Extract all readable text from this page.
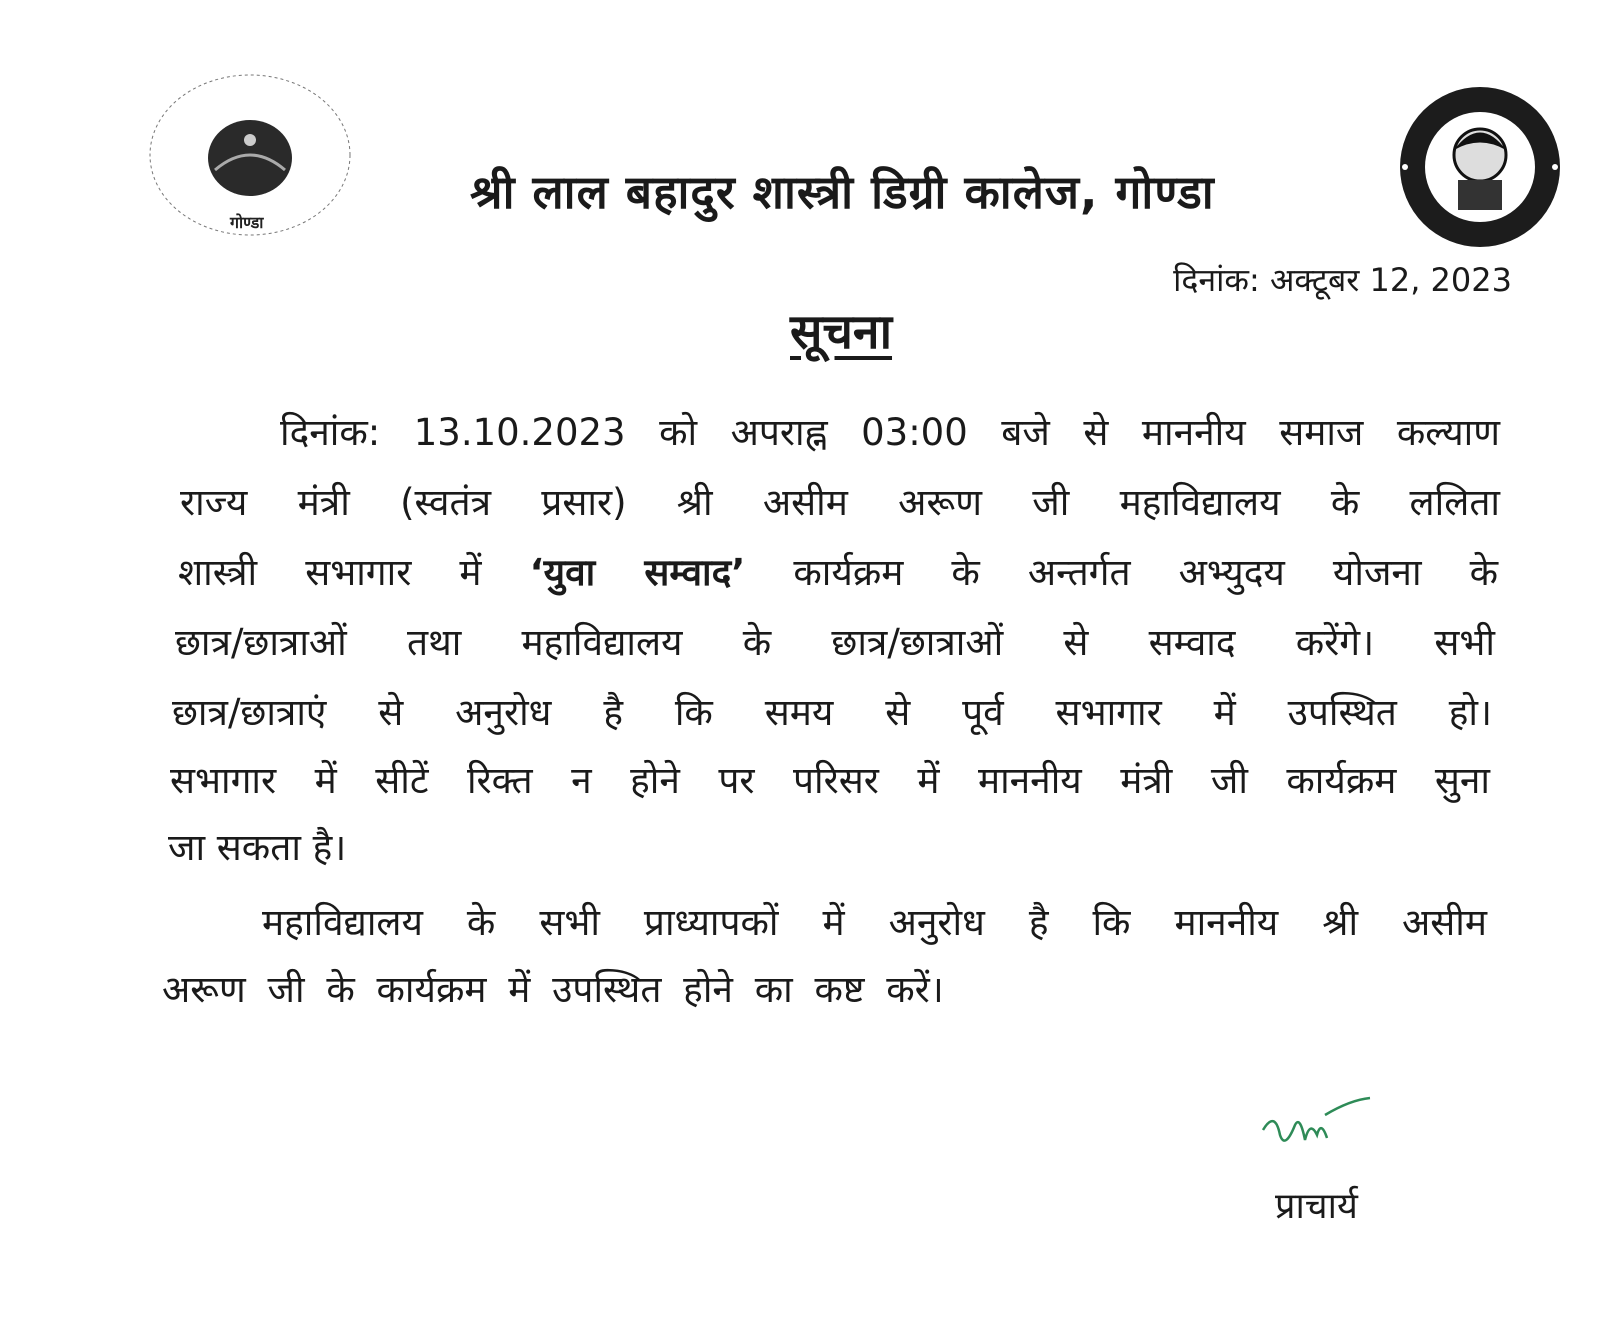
गोण्डा
श्री लाल बहादुर शास्त्री डिग्री कालेज, गोण्डा
दिनांक: अक्टूबर 12, 2023
सूचना
दिनांक: 13.10.2023 को अपराह्न 03:00 बजे से माननीय समाज कल्याण
राज्य मंत्री (स्वतंत्र प्रसार) श्री असीम अरूण जी महाविद्यालय के ललिता
शास्त्री सभागार में ‘युवा सम्वाद’ कार्यक्रम के अन्तर्गत अभ्युदय योजना के
छात्र/छात्राओं तथा महाविद्यालय के छात्र/छात्राओं से सम्वाद करेंगे। सभी
छात्र/छात्राएं से अनुरोध है कि समय से पूर्व सभागार में उपस्थित हो।
सभागार में सीटें रिक्त न होने पर परिसर में माननीय मंत्री जी कार्यक्रम सुना
जा सकता है।
महाविद्यालय के सभी प्राध्यापकों में अनुरोध है कि माननीय श्री असीम
अरूण जी के कार्यक्रम में उपस्थित होने का कष्ट करें।
प्राचार्य
